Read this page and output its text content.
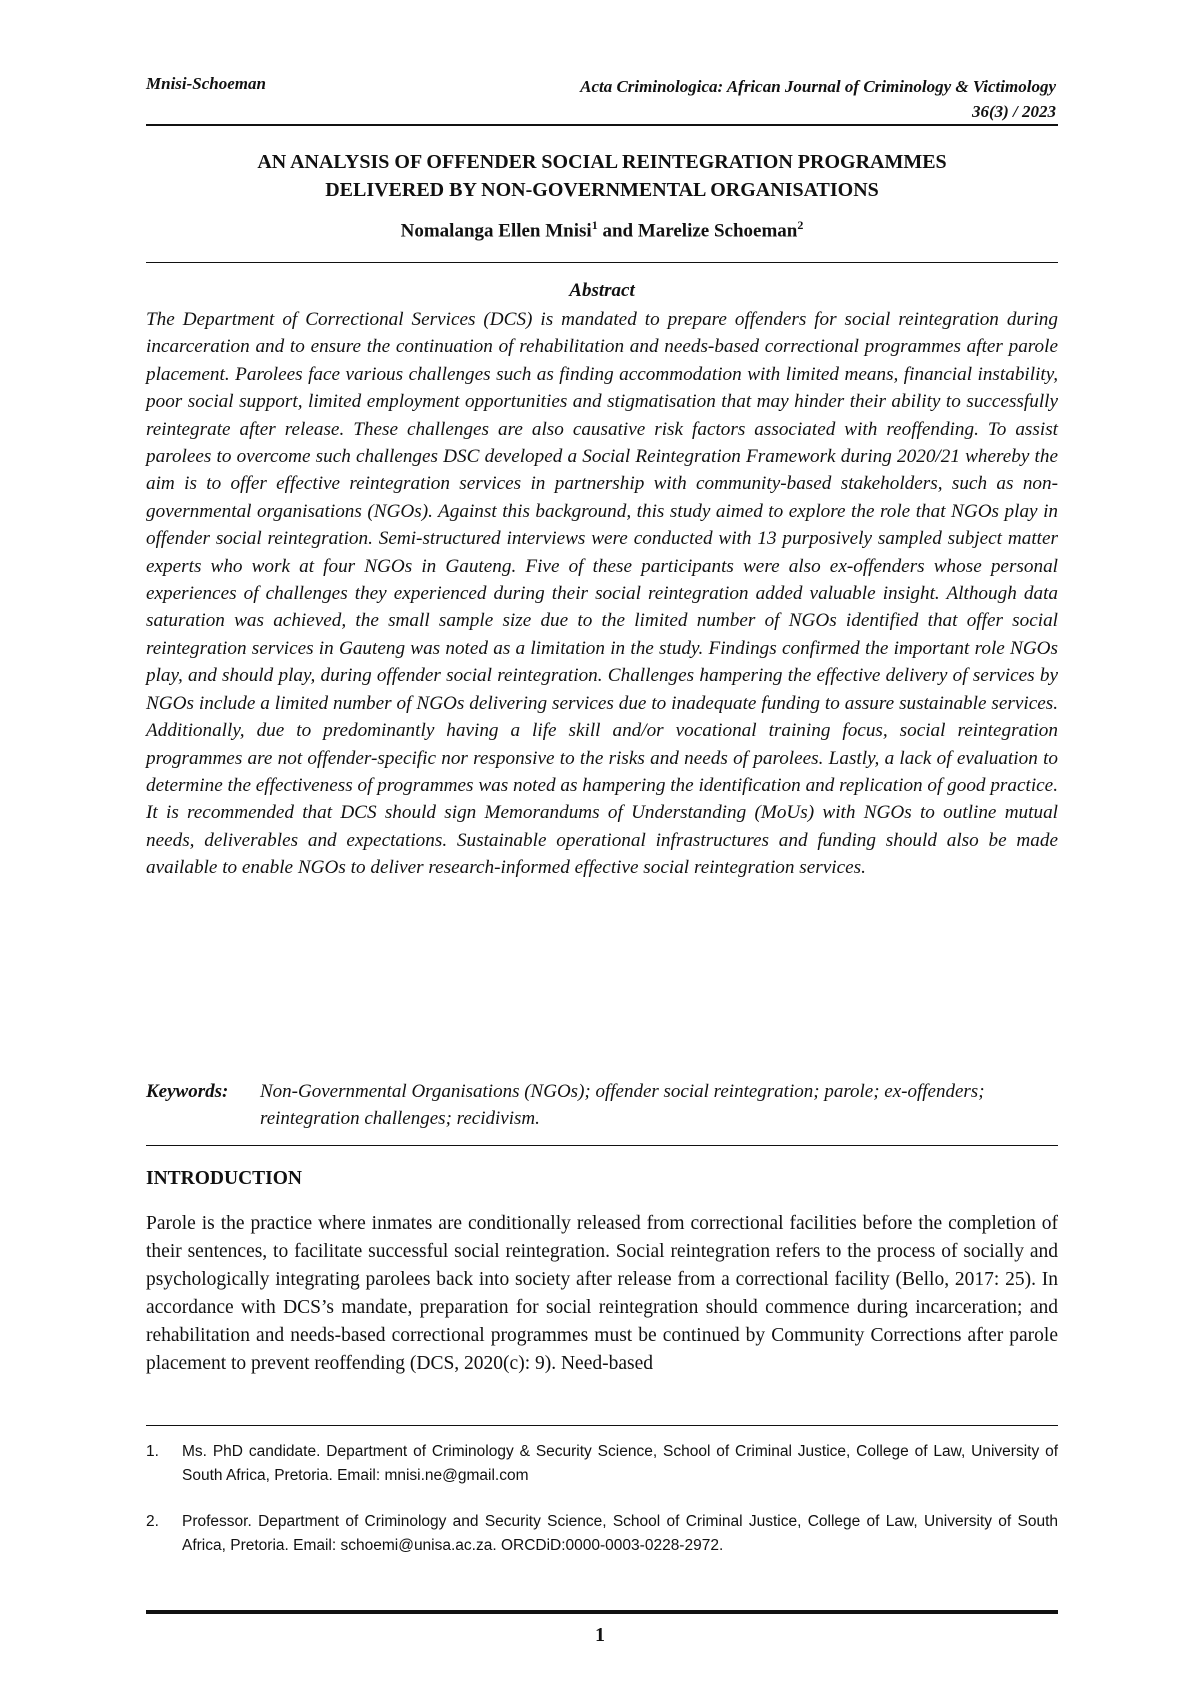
Mnisi-Schoeman	Acta Criminologica: African Journal of Criminology & Victimology
36(3) / 2023
AN ANALYSIS OF OFFENDER SOCIAL REINTEGRATION PROGRAMMES
DELIVERED BY NON-GOVERNMENTAL ORGANISATIONS
Nomalanga Ellen Mnisi$^1$ and Marelize Schoeman$^2$
Abstract

The Department of Correctional Services (DCS) is mandated to prepare offenders for social reintegration during incarceration and to ensure the continuation of rehabilitation and needs-based correctional programmes after parole placement. Parolees face various challenges such as finding accommodation with limited means, financial instability, poor social support, limited employment opportunities and stigmatisation that may hinder their ability to successfully reintegrate after release. These challenges are also causative risk factors associated with reoffending. To assist parolees to overcome such challenges DSC developed a Social Reintegration Framework during 2020/21 whereby the aim is to offer effective reintegration services in partnership with community-based stakeholders, such as non-governmental organisations (NGOs). Against this background, this study aimed to explore the role that NGOs play in offender social reintegration. Semi-structured interviews were conducted with 13 purposively sampled subject matter experts who work at four NGOs in Gauteng. Five of these participants were also ex-offenders whose personal experiences of challenges they experienced during their social reintegration added valuable insight. Although data saturation was achieved, the small sample size due to the limited number of NGOs identified that offer social reintegration services in Gauteng was noted as a limitation in the study. Findings confirmed the important role NGOs play, and should play, during offender social reintegration. Challenges hampering the effective delivery of services by NGOs include a limited number of NGOs delivering services due to inadequate funding to assure sustainable services. Additionally, due to predominantly having a life skill and/or vocational training focus, social reintegration programmes are not offender-specific nor responsive to the risks and needs of parolees. Lastly, a lack of evaluation to determine the effectiveness of programmes was noted as hampering the identification and replication of good practice. It is recommended that DCS should sign Memorandums of Understanding (MoUs) with NGOs to outline mutual needs, deliverables and expectations. Sustainable operational infrastructures and funding should also be made available to enable NGOs to deliver research-informed effective social reintegration services.

Keywords: Non-Governmental Organisations (NGOs); offender social reintegration; parole; ex-offenders; reintegration challenges; recidivism.
INTRODUCTION

Parole is the practice where inmates are conditionally released from correctional facilities before the completion of their sentences, to facilitate successful social reintegration. Social reintegration refers to the process of socially and psychologically integrating parolees back into society after release from a correctional facility (Bello, 2017: 25). In accordance with DCS’s mandate, preparation for social reintegration should commence during incarceration; and rehabilitation and needs-based correctional programmes must be continued by Community Corrections after parole placement to prevent reoffending (DCS, 2020(c): 9). Need-based

1. Ms. PhD candidate. Department of Criminology & Security Science, School of Criminal Justice, College of Law, University of South Africa, Pretoria. Email: mnisi.ne@gmail.com
2. Professor. Department of Criminology and Security Science, School of Criminal Justice, College of Law, University of South Africa, Pretoria. Email: schoemi@unisa.ac.za. ORCDiD:0000-0003-0228-2972.
1
